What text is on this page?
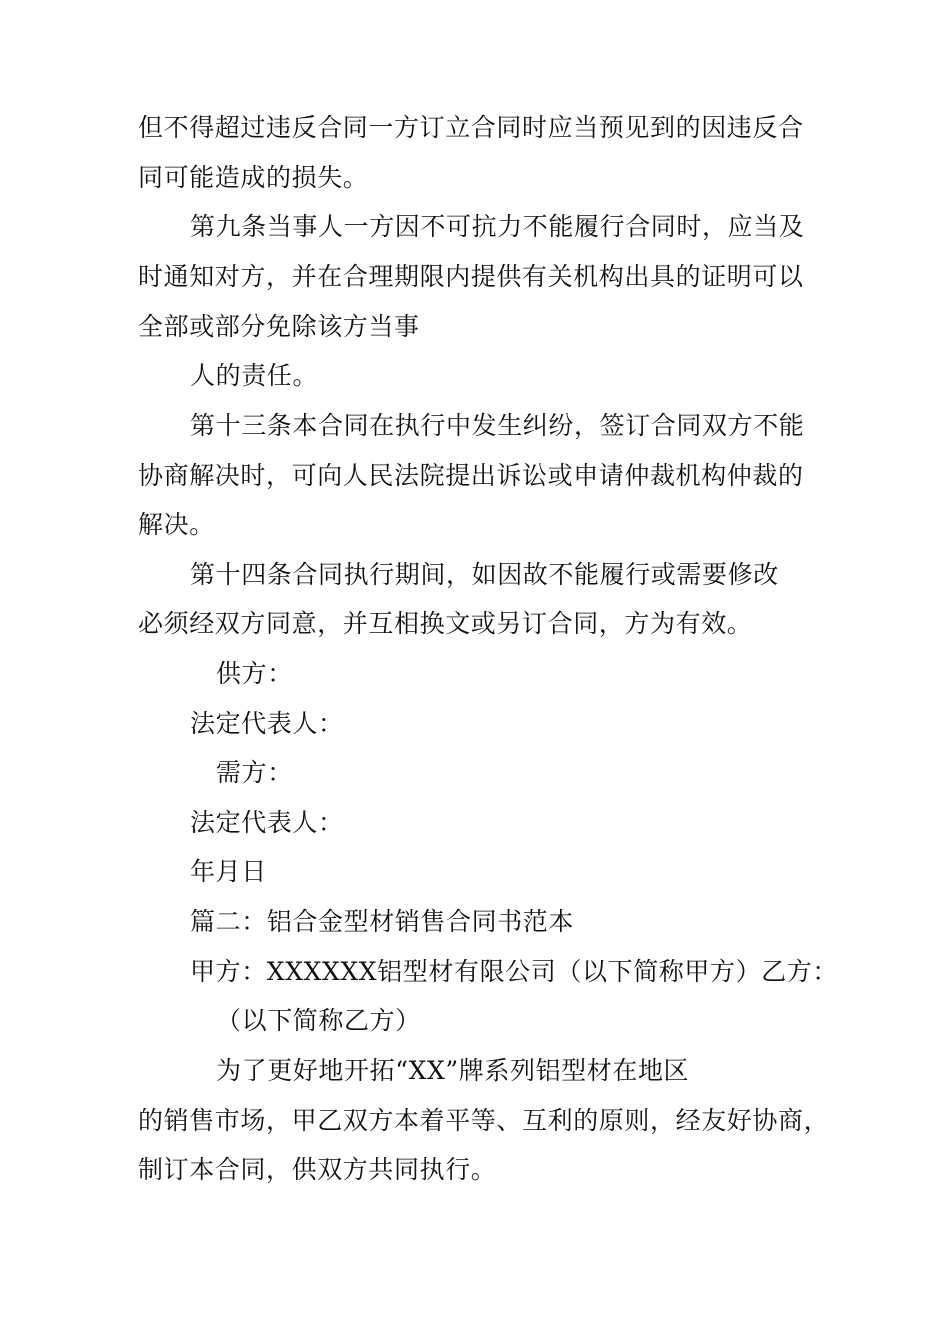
但不得超过违反合同一方订立合同时应当预见到的因违反合
同可能造成的损失。
第九条当事人一方因不可抗力不能履行合同时，应当及
时通知对方，并在合理期限内提供有关机构出具的证明可以
全部或部分免除该方当事
人的责任。
第十三条本合同在执行中发生纠纷，签订合同双方不能
协商解决时，可向人民法院提出诉讼或申请仲裁机构仲裁的
解决。
第十四条合同执行期间，如因故不能履行或需要修改
必须经双方同意，并互相换文或另订合同，方为有效。
供方：
法定代表人：
需方：
法定代表人：
年月日
篇二：铝合金型材销售合同书范本
甲方：XXXXXX铝型材有限公司（以下简称甲方）乙方：
（以下简称乙方）
为了更好地开拓“XX”牌系列铝型材在地区
的销售市场，甲乙双方本着平等、互利的原则，经友好协商，
制订本合同，供双方共同执行。
